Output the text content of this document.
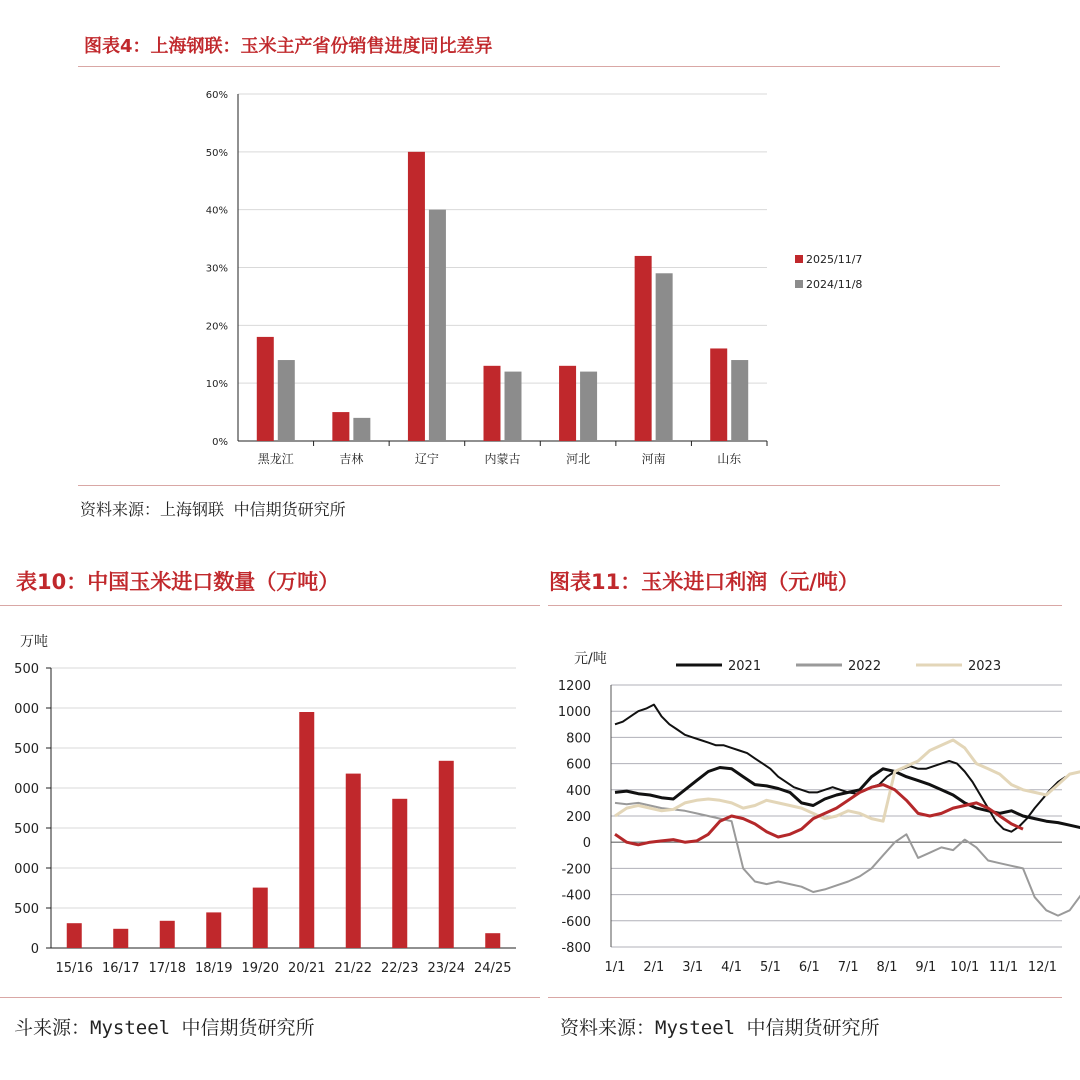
图表4：上海钢联：玉米主产省份销售进度同比差异
0%
10%
20%
30%
40%
50%
60%
黑龙江	吉林	辽宁	内蒙古	河北	河南	山东
2025/11/7
2024/11/8
资料来源：上海钢联 中信期货研究所
表10：中国玉米进口数量（万吨）
万吨
0
500
000
500
000
500
000
500
15/16 16/17 17/18 18/19 19/20 20/21 21/22 22/23 23/24 24/25
斗来源：Mysteel 中信期货研究所
图表11：玉米进口利润（元/吨）
元/吨
-800
-600
-400
-200
0
200
400
600
800
1000
1200
1/1 2/1 3/1 4/1 5/1 6/1 7/1 8/1 9/1 10/1 11/1 12/1
2021	2022	2023
资料来源：Mysteel 中信期货研究所
